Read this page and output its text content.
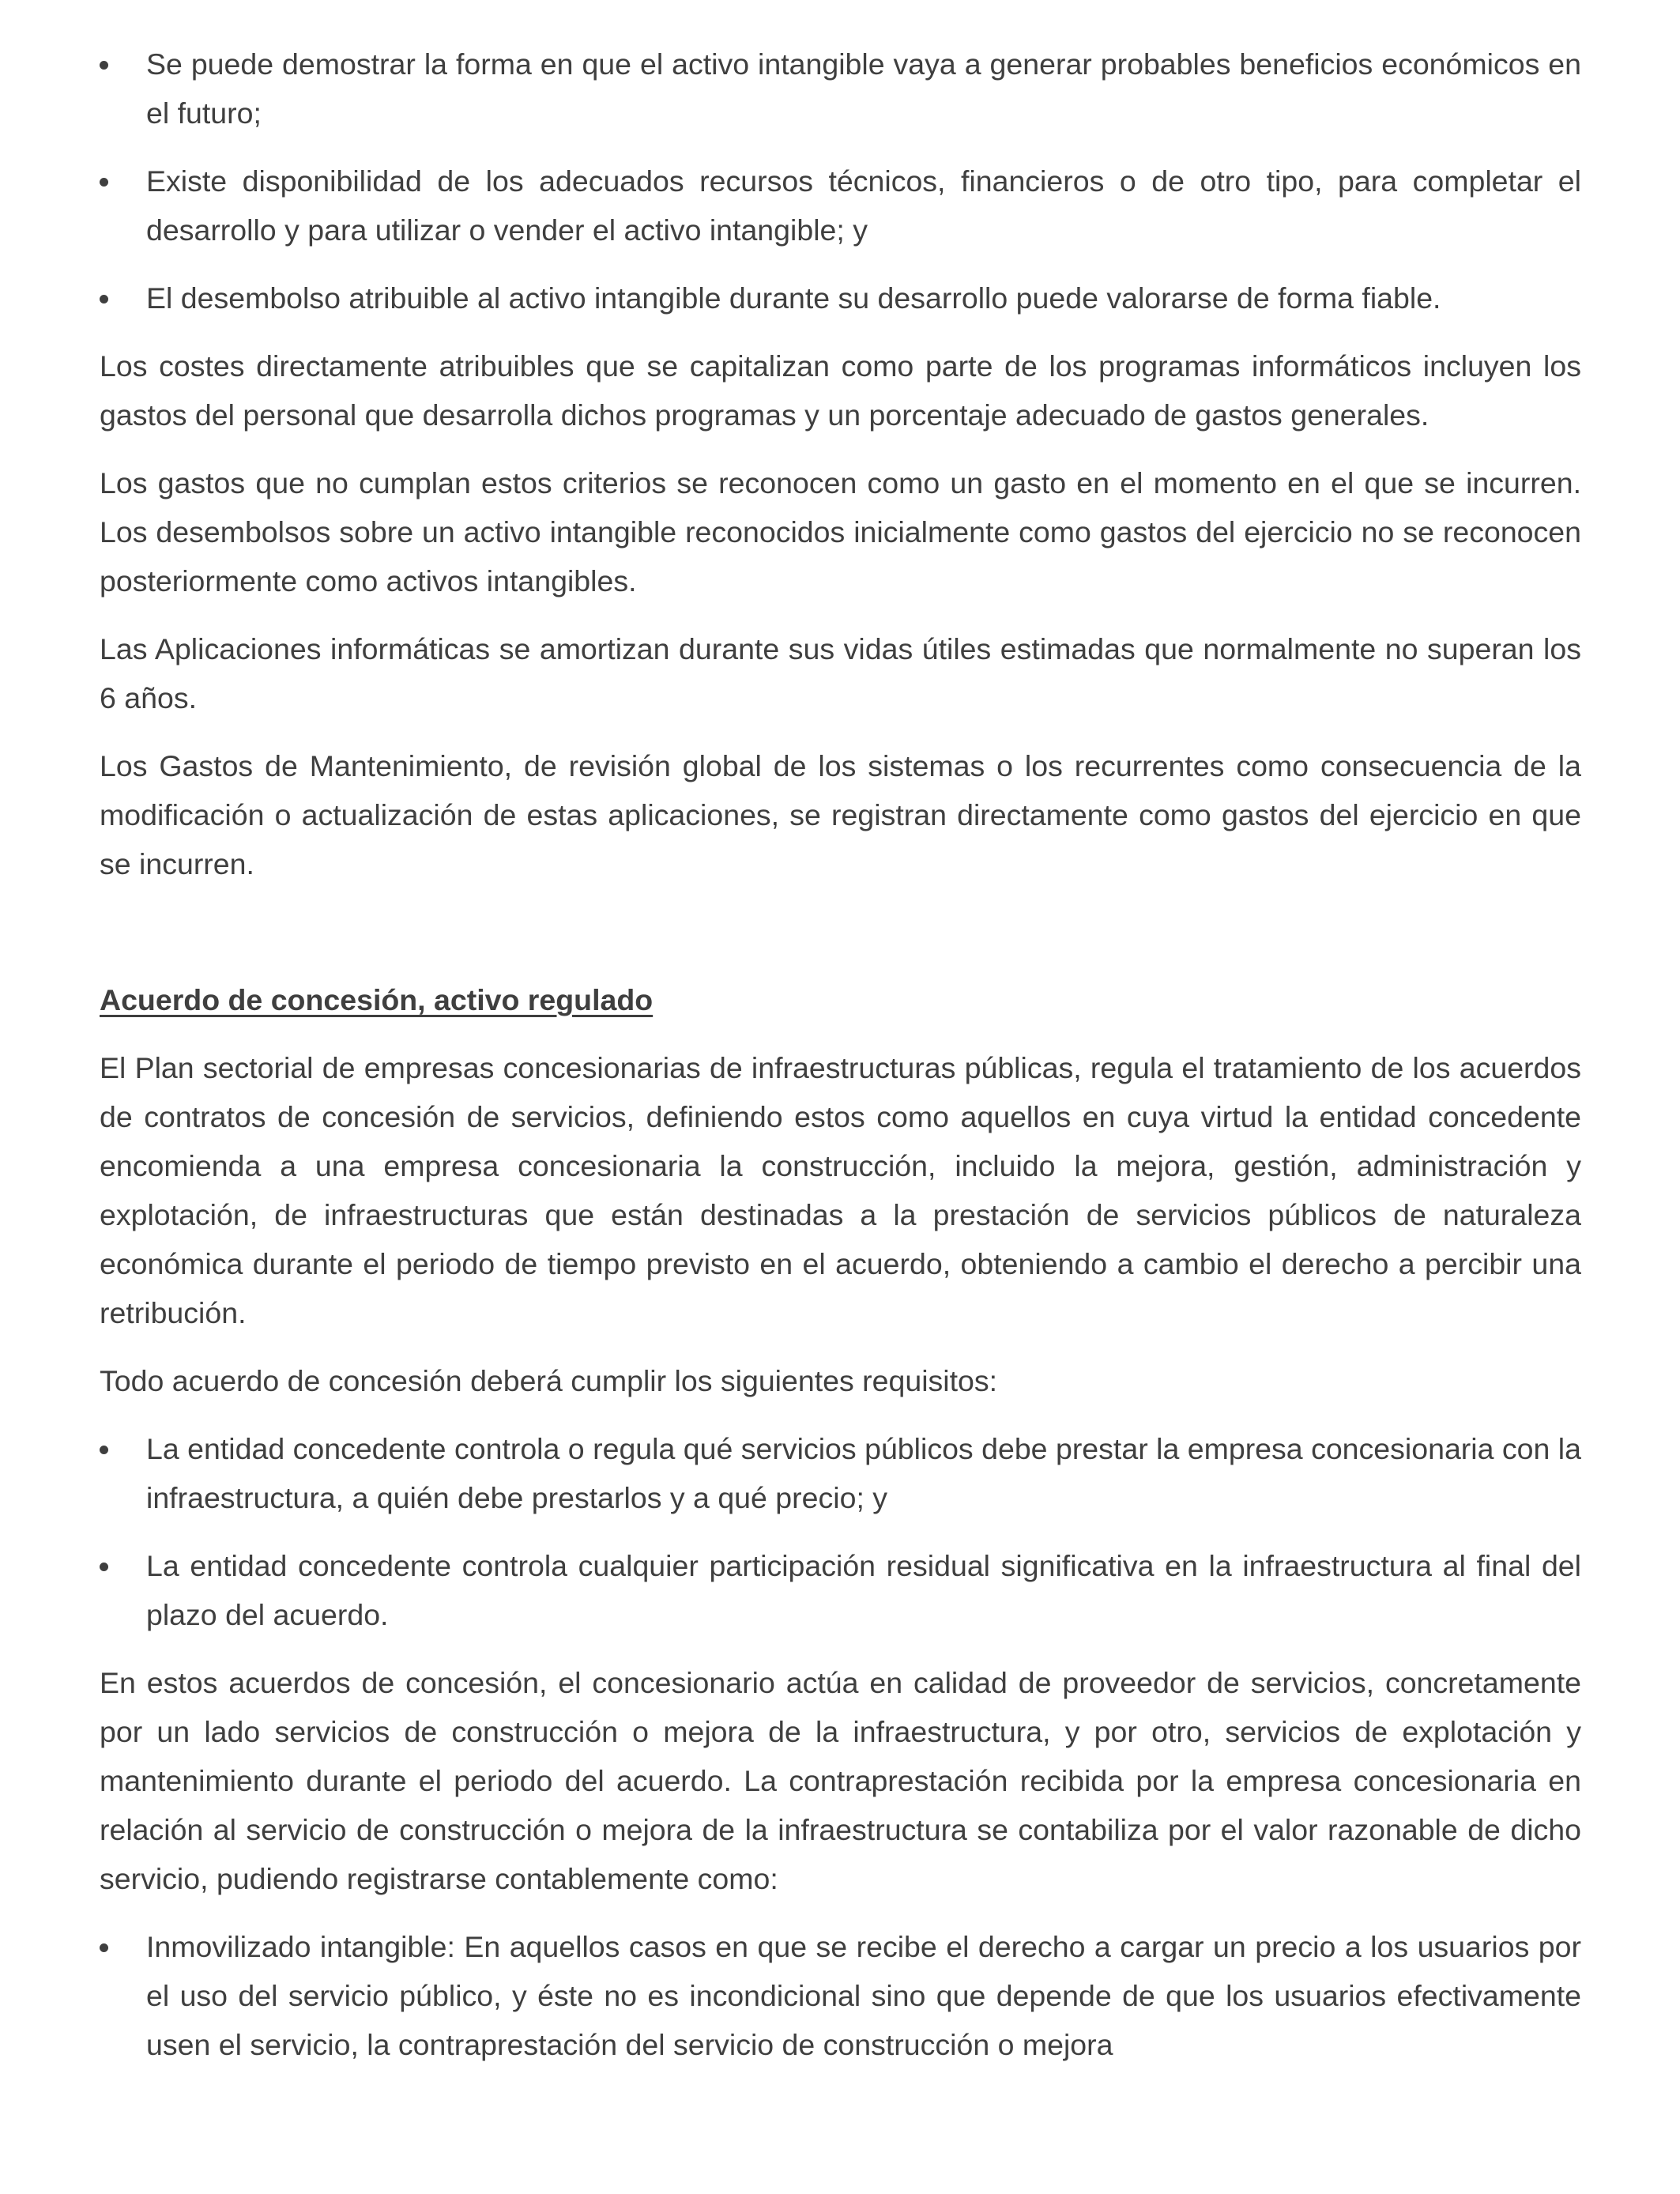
Se puede demostrar la forma en que el activo intangible vaya a generar probables beneficios económicos en el futuro;
Existe disponibilidad de los adecuados recursos técnicos, financieros o de otro tipo, para completar el desarrollo y para utilizar o vender el activo intangible; y
El desembolso atribuible al activo intangible durante su desarrollo puede valorarse de forma fiable.

Los costes directamente atribuibles que se capitalizan como parte de los programas informáticos incluyen los gastos del personal que desarrolla dichos programas y un porcentaje adecuado de gastos generales.

Los gastos que no cumplan estos criterios se reconocen como un gasto en el momento en el que se incurren. Los desembolsos sobre un activo intangible reconocidos inicialmente como gastos del ejercicio no se reconocen posteriormente como activos intangibles.

Las Aplicaciones informáticas se amortizan durante sus vidas útiles estimadas que normalmente no superan los 6 años.

Los Gastos de Mantenimiento, de revisión global de los sistemas o los recurrentes como consecuencia de la modificación o actualización de estas aplicaciones, se registran directamente como gastos del ejercicio en que se incurren.

Acuerdo de concesión, activo regulado

El Plan sectorial de empresas concesionarias de infraestructuras públicas, regula el tratamiento de los acuerdos de contratos de concesión de servicios, definiendo estos como aquellos en cuya virtud la entidad concedente encomienda a una empresa concesionaria la construcción, incluido la mejora, gestión, administración y explotación, de infraestructuras que están destinadas a la prestación de servicios públicos de naturaleza económica durante el periodo de tiempo previsto en el acuerdo, obteniendo a cambio el derecho a percibir una retribución.

Todo acuerdo de concesión deberá cumplir los siguientes requisitos:

La entidad concedente controla o regula qué servicios públicos debe prestar la empresa concesionaria con la infraestructura, a quién debe prestarlos y a qué precio; y
La entidad concedente controla cualquier participación residual significativa en la infraestructura al final del plazo del acuerdo.

En estos acuerdos de concesión, el concesionario actúa en calidad de proveedor de servicios, concretamente por un lado servicios de construcción o mejora de la infraestructura, y por otro, servicios de explotación y mantenimiento durante el periodo del acuerdo. La contraprestación recibida por la empresa concesionaria en relación al servicio de construcción o mejora de la infraestructura se contabiliza por el valor razonable de dicho servicio, pudiendo registrarse contablemente como:

Inmovilizado intangible: En aquellos casos en que se recibe el derecho a cargar un precio a los usuarios por el uso del servicio público, y éste no es incondicional sino que depende de que los usuarios efectivamente usen el servicio, la contraprestación del servicio de construcción o mejora
